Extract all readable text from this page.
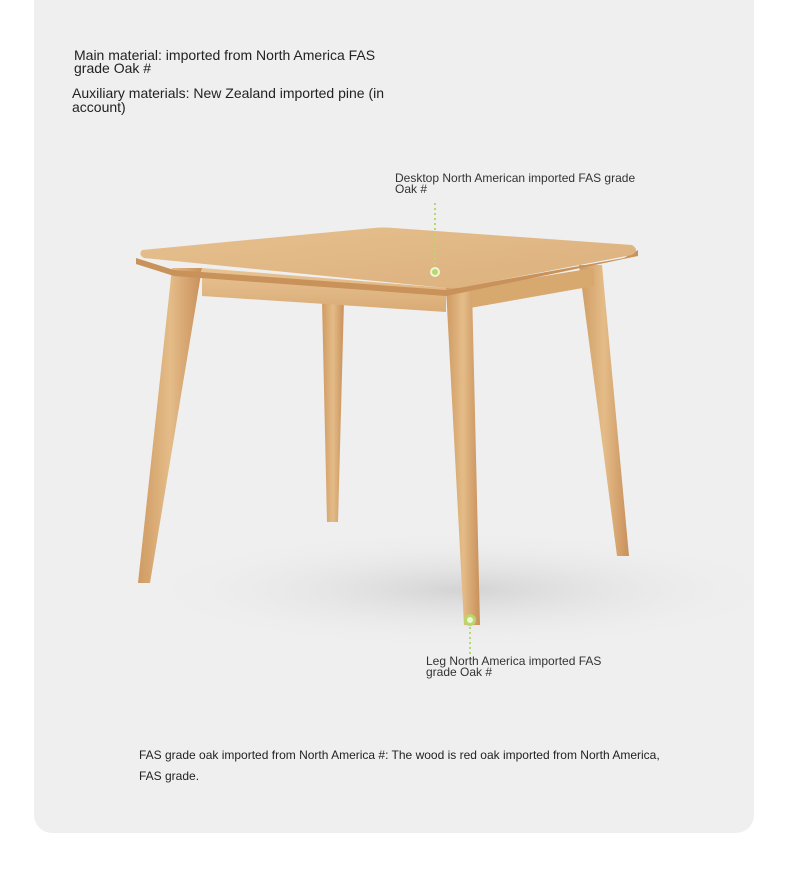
Main material: imported from North America FAS grade Oak #
Auxiliary materials: New Zealand imported pine (in account)
Desktop North American imported FAS grade Oak #
Leg North America imported FAS grade Oak #
FAS grade oak imported from North America #: The wood is red oak imported from North America, FAS grade.
